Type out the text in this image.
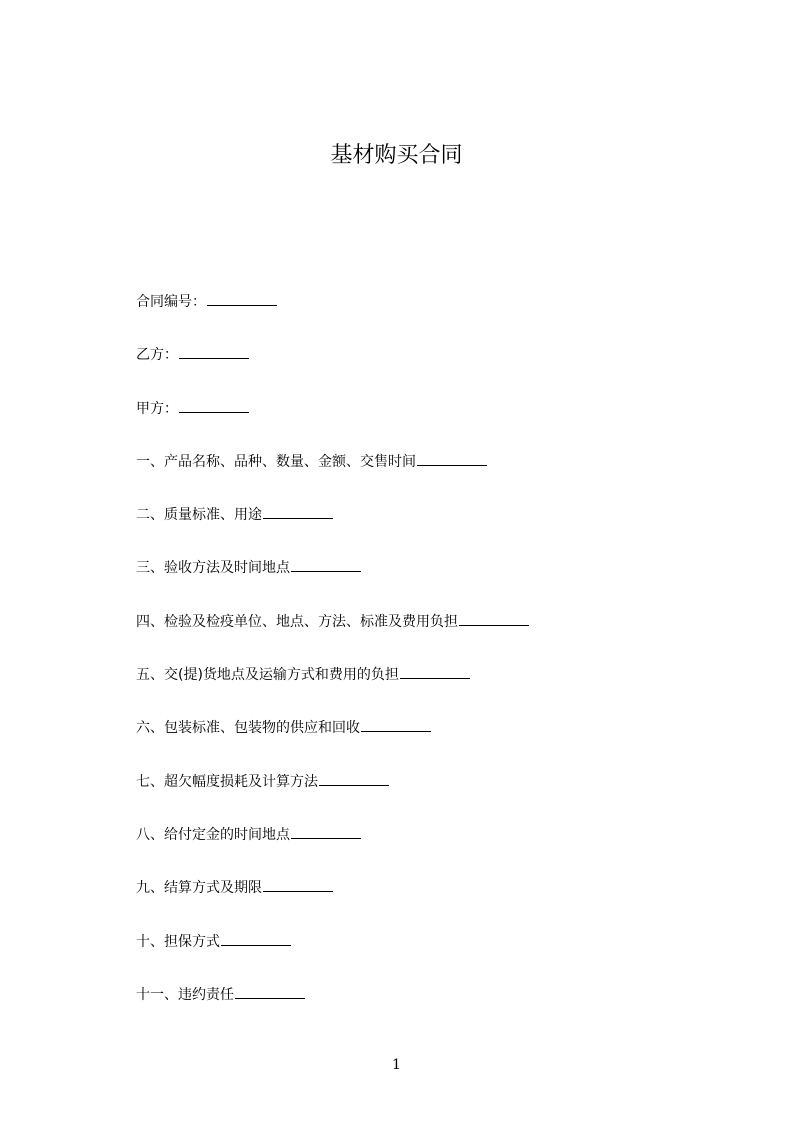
基材购买合同
合同编号：
乙方：
甲方：
一、产品名称、品种、数量、金额、交售时间
二、质量标准、用途
三、验收方法及时间地点
四、检验及检疫单位、地点、方法、标准及费用负担
五、交(提)货地点及运输方式和费用的负担
六、包装标准、包装物的供应和回收
七、超欠幅度损耗及计算方法
八、给付定金的时间地点
九、结算方式及期限
十、担保方式
十一、违约责任
1
